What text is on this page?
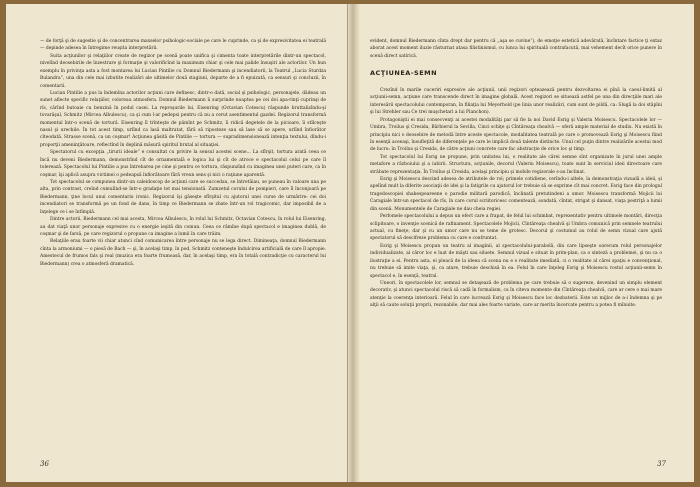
— de forţă şi de sugestie şi de concentrarea maxselor psihologic-sociale pe care le cuprinde, ca şi de expresivitatea ei teatrală — depinde adesea în întregime reuşita interpretării.

Suita acţiunilor şi relaţiilor create de regizor pe scenă poate unifica şi cimenta toate interpretările dintr-un spectacol, nivelînd deosebirile de înzestrare şi formaţie şi valorificînd la maximum chiar şi cele mai palide însuşiri ale actorilor. Un bun exemplu în privinţa asta a fost montarea lui Lucian Pintilie cu Domnul Biedermann şi incendiatorii, la Teatrul „Lucia Sturdza Bulandra”, una din cele mai izbutite realizări ale ultimelor două stagiuni, departe de a fi epuizată, ca sensuri şi concluzii, în comentarii.

Lucian Pintilie a pus la îndemîna actorilor acţiuni care definesc, dintr-o dată, social şi psihologic, personajele, dădeau un sunet aflecte specific relaţiilor, coloreau atmosfera. Domnul Biedermann îi surprinde noaptea pe cei doi apa-rinţi cuprinşi de rîs, cărînd butoaie cu benzină în podul casei. La reproşurile lui, Eisenring (Octavian Cotescu) răspunde bruttalizîndu-şi tovarăşul, Schmitz (Mircea Albulescu), ca şi cum l-ar pedepsi pentru că nu a cerut asentimentul gazdei. Regizorul transformă momentul într-o scenă de tortură. Eisenring îl trînteşte de pămînt pe Schmitz, îi ridică degetele de la picioare, îi stîlceşte nasul şi urechile. În tot acest timp, urlînd ca lasă maltratat, fără să riposteze sau să lase să se apere, urlînd înfiorător cîteodată. Strasse scenă, ca un coşmar! Acţiunea găsită de Pintilie — tortura — supradimensionează intenţia textului, dîndu-i proporţii ameninţătoare, reflectînd în deplină măsură spiritul brutal al situaţiei.

Spectatorul cu excepţia „tirurii ideale” e consultat cu privire la sensul acestei scene... La sfîrşit, tortura arată ceea ce încă nu deveni Biedermann, demonstrînd cît de ornamentală e logica lui şi cît de atroce e spectacolul celui pe care îl tolerează. Spectacolul lui Pintilie a pus întrebarea pe cine şi pentru ce tortura, răspunzînd cu imaginea unei puteri care, ca în coşmar, îşi aplică asupra victimei o pedeapsă înfiorătoare fără vreun sens şi nici o raţiune aparentă.

Tot spectacolul se compunea dintr-un caleidoscop de acţiuni care se succedau, se întretăiau, se puneau în valoare una pe alta, prin contrast, creînd cumulînd-se într-o gradaţie tot mai tensionată. Zumzetul corului de pompieri, care îl înconjoară pe Biedermann, ţine locul unui comentariu ironic. Regizorul îşi găseşte sfîrşitul cu ajutorul unei curse de urmărire: cei doi incendiatori se transformă pe un fond de dans, în timp ce Biedermann se zbate într-un rol tragicomic, dar imposibil de a înţelege ce i se întîmplă.

Dintre actorii, Biedermann cel mai acesta, Mircea Albulescu, în rolul lui Schmitz, Octavian Cotescu, în rolul lui Eisenring, au dat viaţă unor personaje expresive cu o energie ieşită din comun. Ceea ce rămîne după spectacol e imaginea dublă, de coşmar şi de farsă, pe care regizorul o propune ca imagine a lumii în care trăim.

Relaţiile erau foarte vii chiar atunci cînd comunicarea între personaje nu se lega direct. Dimineaţa, domnul Biedermann cînta la armoniumi — o piesă de Bach — şi, în acelaşi timp, în pod, Schmitz conteneşte îndulcirea artificială de care îl apropie. Amestecul de frumos fals şi real (muzica era foarte frumoasă, dar, în acelaşi timp, era în totală contradicţie cu caracterul lui Biedermann) crea o atmosferă dramatică.

36

evident, domnul Biedermann cînta drept dar pentru că „aşa se cuvine”), de emoţie estetică adevărată, încîntare factice ţi extaz aborat acest moment iluzie răsturnat atasa filistinismul, cu lunca lui spirituală contrafacută, mai vehement decît orice punere în scenă direct satirică.

ACŢIUNEA-SEMN

Crezînd în marile cuceriri expresive ale acţiunii, unii regizori opteazează pentru dezvoltarea ei pînă la caeul-limită al acţiunii-semn, acţiune care transcende direct în imagine globală. Acest regizori se situează astfel pe una din direcţiile mari ale interesării spectacolului contemporan, în filiaţia lui Meyerhold (pe linia unor realizări, cum sunt de pildă, ca: Slugă la doi stăpîni şi lui Strehler sau Ce trei muşchetari a lui Planchon).

Protagoniştii ei mai consecvenţi ai acestei modalităţi par să fie la noi David Esrig şi Valeriu Moisescu. Spectacolele lor — Umbra, Troilus şi Cresida, Bărbierul la Sevilla, Cinci schiţe şi Cîntăreaţa chealvă — oferă ample material de studiu. Nu există în principiu nici o deosebire de metodă între aceste spectacole, modalitatea teatrală pe care o promovează Esrig şi Moisescu fiind în esenţă aceeaşi, însufleţită de diferenţele pe care le implică două talente distincte. Unul cel puţin dintre realizările acestui mod de lucru: în Troilus şi Cresida, de către acţiuni concrete care fac abstracţie de orice loc şi timp.

Tot spectacolul lui Esrig ne propune, prin unitatea lui, o realitate ale cărei semne sînt organizate în jurul unei ample metafore a războiului şi a iubirii. Structura, acţiunile, decorul (Valeriu Moisescu), toate sunt în serviciul ideii directoare care străbate reprezentaţia. În Troilus şi Cresida, acelaşi principiu şi mobile regizorale s-au înclinat.

Esrig şi Moisescu descind adesea de atributele de rol; primele cotidiene, cerîndu-i altele, la demonstraţia vizuală a ideii, şi apelînd mult la diferite asociaţii de idei şi la fatigrile cu ajutorul lor trebuie să se exprime cît mai concret. Esrig face din prologul tragedoscopiei shakespeareene o parodie militară parodică, înclinată pretutindeni a umor. Moisescu transformă Mojicii lui Caragiale într-un spectacol de rîs, în care corul scriitoricesc comentează, sondată, cîntat, strigat şi dansat, viaţa pestriţă a lumii din scenă. Monumentele de Caragiale ne dau cheia regiei.

Perfomele spectacolului a depus un efect care a frapat, de felul lui schimbat, reprezentativ pentru ultimele montări, direcţia sclipitoare, o invenţie scenică de rafinament. Spectacolele Mojicii, Cîntăreaţa chealvă şi Umbra comunică prin semnele teatrului actual, cu fineţe, dar şi cu un umor care nu se teme de grotesc. Decorul şi costumul au rolul de semn vizual care ajută spectatorul să descifreze problema cu care e confruntat.

Esrig şi Moisescu propun un teatru al imaginii, al spectacolului-parabolă, din care lipseşte oarecum rolul personajelor individualizate, al căror loc e luat de măşti sau siluete. Semnul vizual e situat în prim-plan, ca o sinteză a problemei, şi nu ca o ilustraţie a ei. Pentru asta, ei pleacă de la ideea că scena nu e o realitate imediată, ci o realitate al cărei spaţiu e convenţional, nu trebuie să imite viaţa, şi, ca atare, trebuie deschisă în ea. Felul în care înţeleg Esrig şi Moisescu rostul acţiunii-semn în spectacol e, în esenţă, teatral.

Uneori, în spectacolele lor, semnul se detaşează de problema pe care trebuie să o sugereze, devenind un simplu element decorativ, şi atunci spectacolul riscă să cadă în formalism, ca în citeva momente din Cîntăreaţa chealvă, care ar cere o mai mare atenţie la coerenţa interioară. Felul în care lucrează Esrig şi Moisescu face loc dezbaterii. Este un mijloc de a-i îndemna şi pe alţii să caute soluţii proprii, rezonabile, dar mai ales foarte variate, care ar merita încercate pentru a potea fi mînuite.

37
